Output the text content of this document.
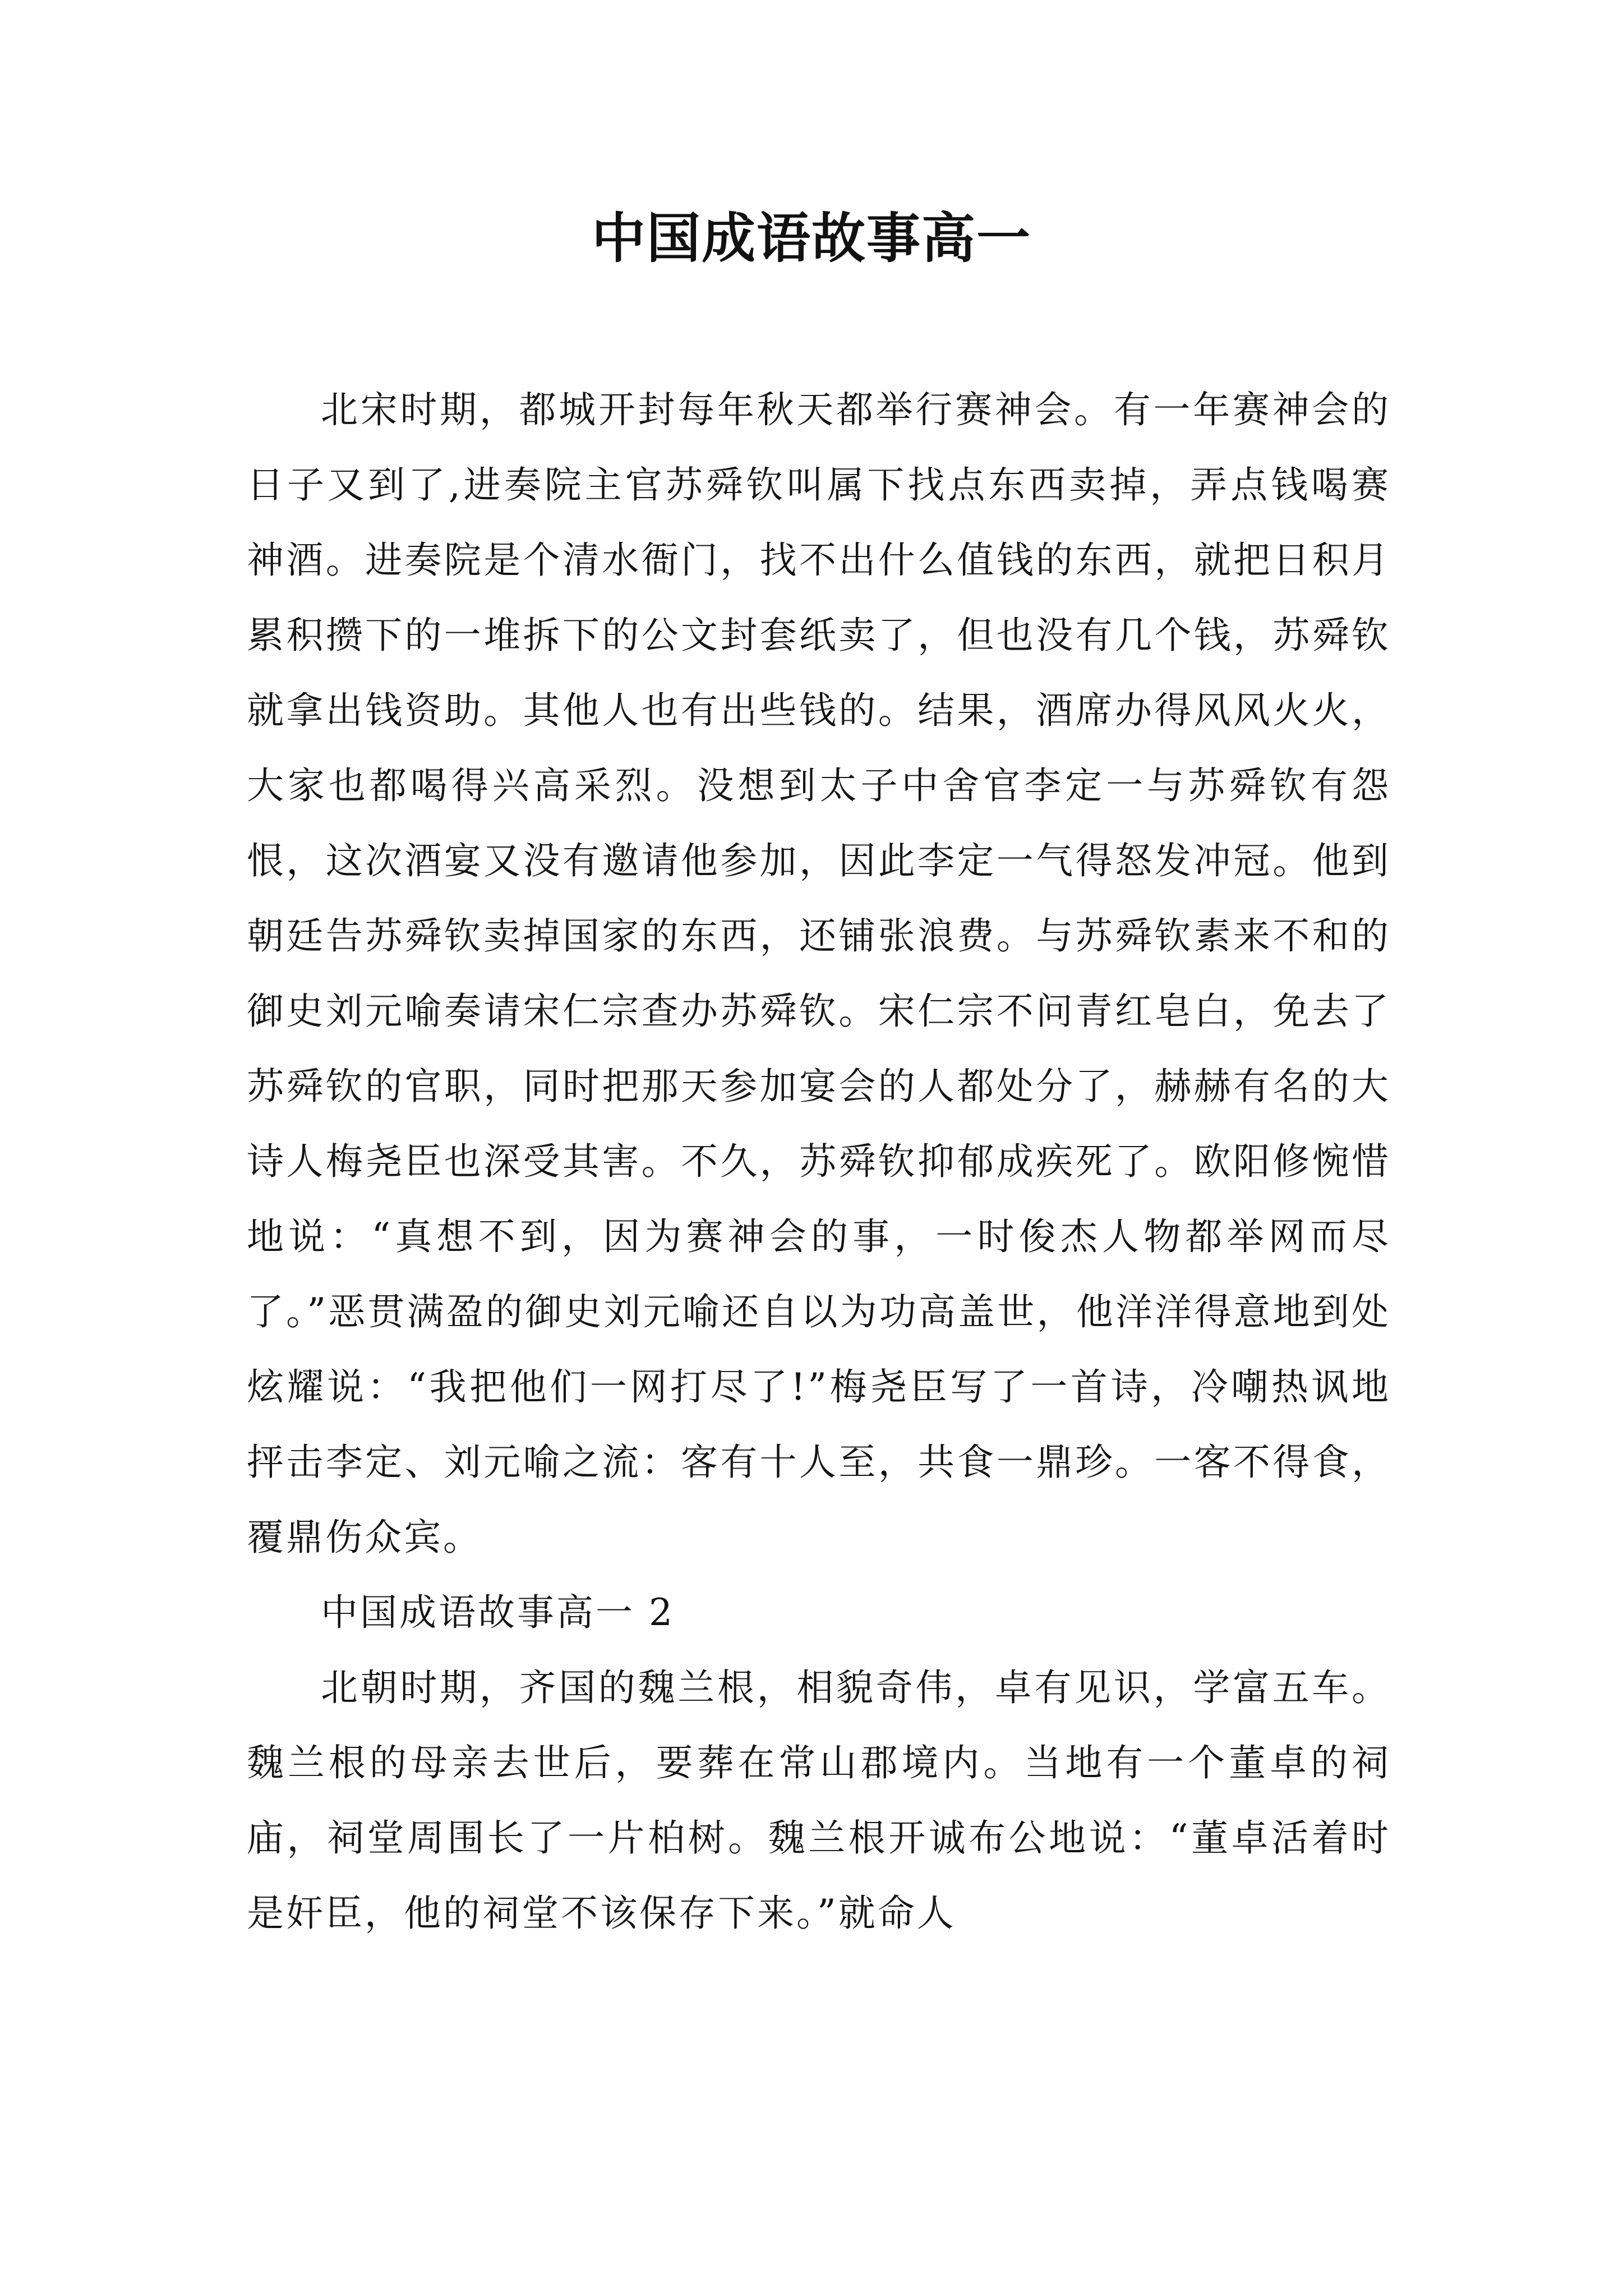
中国成语故事高一

北宋时期，都城开封每年秋天都举行赛神会。有一年赛神会的日子又到了,进奏院主官苏舜钦叫属下找点东西卖掉，弄点钱喝赛神酒。进奏院是个清水衙门，找不出什么值钱的东西，就把日积月累积攒下的一堆拆下的公文封套纸卖了，但也没有几个钱，苏舜钦就拿出钱资助。其他人也有出些钱的。结果，酒席办得风风火火，大家也都喝得兴高采烈。没想到太子中舍官李定一与苏舜钦有怨恨，这次酒宴又没有邀请他参加，因此李定一气得怒发冲冠。他到朝廷告苏舜钦卖掉国家的东西，还铺张浪费。与苏舜钦素来不和的御史刘元喻奏请宋仁宗查办苏舜钦。宋仁宗不问青红皂白，免去了苏舜钦的官职，同时把那天参加宴会的人都处分了，赫赫有名的大诗人梅尧臣也深受其害。不久，苏舜钦抑郁成疾死了。欧阳修惋惜地说：“真想不到，因为赛神会的事，一时俊杰人物都举网而尽了。”恶贯满盈的御史刘元喻还自以为功高盖世，他洋洋得意地到处炫耀说：“我把他们一网打尽了!”梅尧臣写了一首诗，冷嘲热讽地抨击李定、刘元喻之流：客有十人至，共食一鼎珍。一客不得食，覆鼎伤众宾。

中国成语故事高一 2

北朝时期，齐国的魏兰根，相貌奇伟，卓有见识，学富五车。魏兰根的母亲去世后，要葬在常山郡境内。当地有一个董卓的祠庙，祠堂周围长了一片柏树。魏兰根开诚布公地说：“董卓活着时是奸臣，他的祠堂不该保存下来。”就命人
